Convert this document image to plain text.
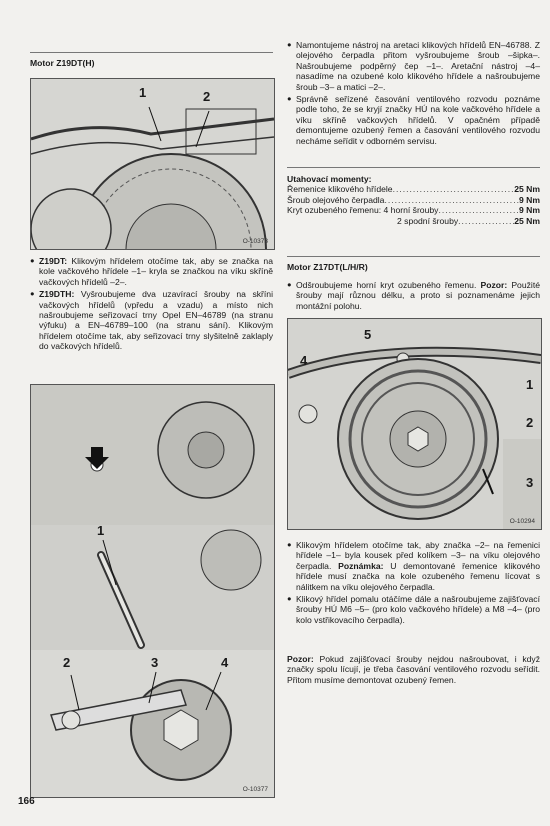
Motor Z19DT(H)
1	2
O-10373
● Z19DT: Klikovým hřídelem otočíme tak, aby se značka na kole vačkového hřídele –1– kryla se značkou na víku skříně vačkových hřídelů –2–.
● Z19DTH: Vyšroubujeme dva uzavírací šrouby na skříni vačkových hřídelů (vpředu a vzadu) a místo nich našroubujeme seřizovací trny Opel EN–46789 (na stranu výfuku) a EN–46789–100 (na stranu sání). Klikovým hřídelem otočíme tak, aby seřizovací trny slyšitelně zaklaply do vačkových hřídelů.
1
2	3	4
O-10377
166
● Namontujeme nástroj na aretaci klikových hřídelů EN–46788. Z olejového čerpadla přitom vyšroubujeme šroub –šipka–. Našroubujeme podpěrný čep –1–. Aretační nástroj –4– nasadíme na ozubené kolo klikového hřídele a našroubujeme šroub –3– a matici –2–.
● Správně seřízené časování ventilového rozvodu poznáme podle toho, že se kryjí značky HÚ na kole vačkového hřídele a víku skříně vačkových hřídelů. V opačném případě demontujeme ozubený řemen a časování ventilového rozvodu necháme seřídit v odborném servisu.
Utahovací momenty:
Řemenice klikového hřídele .....	25 Nm
Šroub olejového čerpadla .....	9 Nm
Kryt ozubeného řemenu: 4 horní šrouby .....	9 Nm
2 spodní šrouby .....	25 Nm
Motor Z17DT(L/H/R)
● Odšroubujeme horní kryt ozubeného řemenu. Pozor: Použité šrouby mají různou délku, a proto si poznamenáme jejich montážní polohu.
5
4
1
2
3
O-10294
● Klikovým hřídelem otočíme tak, aby značka –2– na řemenici hřídele –1– byla kousek před kolíkem –3– na víku olejového čerpadla. Poznámka: U demontované řemenice klikového hřídele musí značka na kole ozubeného řemenu lícovat s nálitkem na víku olejového čerpadla.
● Klikový hřídel pomalu otáčíme dále a našroubujeme zajišťovací šrouby HÚ M6 –5– (pro kolo vačkového hřídele) a M8 –4– (pro kolo vstřikovacího čerpadla).
Pozor: Pokud zajišťovací šrouby nejdou našroubovat, i když značky spolu lícují, je třeba časování ventilového rozvodu seřídit. Přitom musíme demontovat ozubený řemen.
